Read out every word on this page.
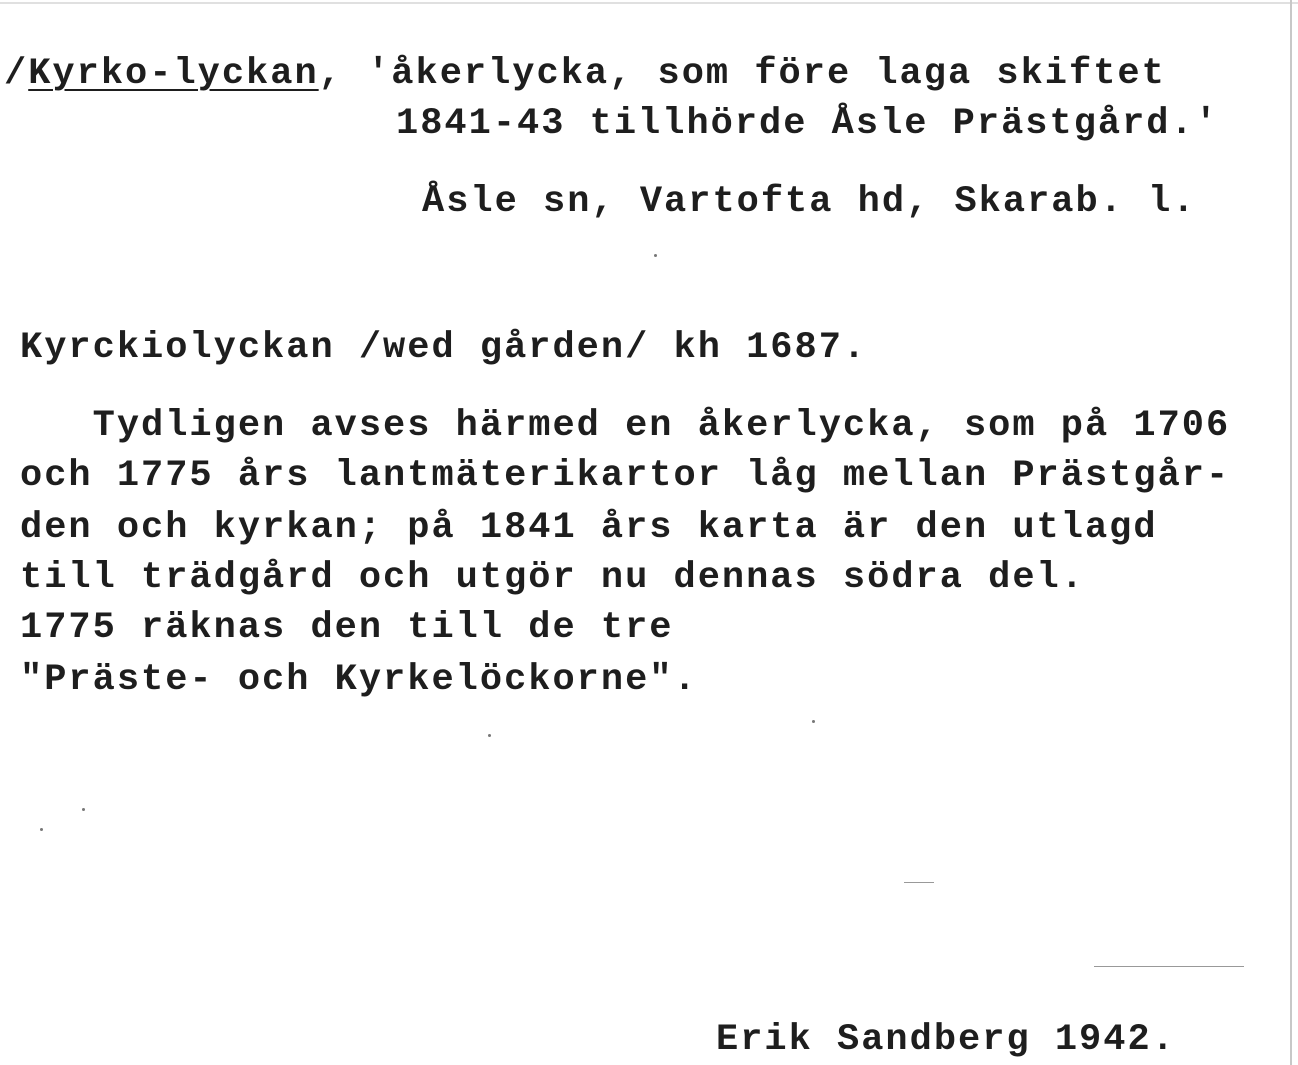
/Kyrko-lyckan, 'åkerlycka, som före laga skiftet
1841-43 tillhörde Åsle Prästgård.'
Åsle sn, Vartofta hd, Skarab. l.
Kyrckiolyckan /wed gården/ kh 1687.
Tydligen avses härmed en åkerlycka, som på 1706
och 1775 års lantmäterikartor låg mellan Prästgår-
den och kyrkan; på 1841 års karta är den utlagd
till trädgård och utgör nu dennas södra del.
1775 räknas den till de tre
"Präste- och Kyrkelöckorne".
Erik Sandberg 1942.
